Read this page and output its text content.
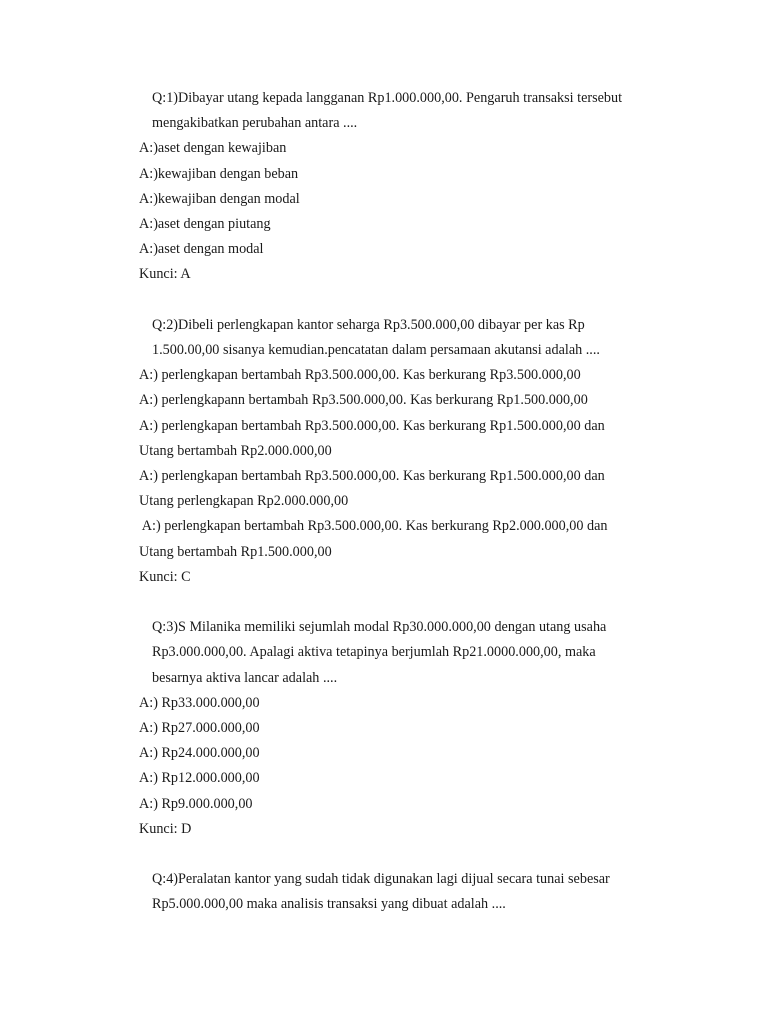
Q:1)Dibayar utang kepada langganan Rp1.000.000,00. Pengaruh transaksi tersebut
mengakibatkan perubahan antara ....
A:)aset dengan kewajiban
A:)kewajiban dengan beban
A:)kewajiban dengan modal
A:)aset dengan piutang
A:)aset dengan modal
Kunci: A
Q:2)Dibeli perlengkapan kantor seharga Rp3.500.000,00 dibayar per kas Rp
1.500.00,00 sisanya kemudian.pencatatan dalam persamaan akutansi adalah ....
A:) perlengkapan bertambah Rp3.500.000,00. Kas berkurang Rp3.500.000,00
A:) perlengkapann bertambah Rp3.500.000,00. Kas berkurang Rp1.500.000,00
A:) perlengkapan bertambah Rp3.500.000,00. Kas berkurang Rp1.500.000,00 dan
Utang bertambah Rp2.000.000,00
A:) perlengkapan bertambah Rp3.500.000,00. Kas berkurang Rp1.500.000,00 dan
Utang perlengkapan Rp2.000.000,00
A:) perlengkapan bertambah Rp3.500.000,00. Kas berkurang Rp2.000.000,00 dan
Utang bertambah Rp1.500.000,00
Kunci: C
Q:3)S Milanika memiliki sejumlah modal Rp30.000.000,00 dengan utang usaha
Rp3.000.000,00. Apalagi aktiva tetapinya berjumlah Rp21.0000.000,00, maka
besarnya aktiva lancar adalah ....
A:) Rp33.000.000,00
A:) Rp27.000.000,00
A:) Rp24.000.000,00
A:) Rp12.000.000,00
A:) Rp9.000.000,00
Kunci: D
Q:4)Peralatan kantor yang sudah tidak digunakan lagi dijual secara tunai sebesar
Rp5.000.000,00 maka analisis transaksi yang dibuat adalah ....
